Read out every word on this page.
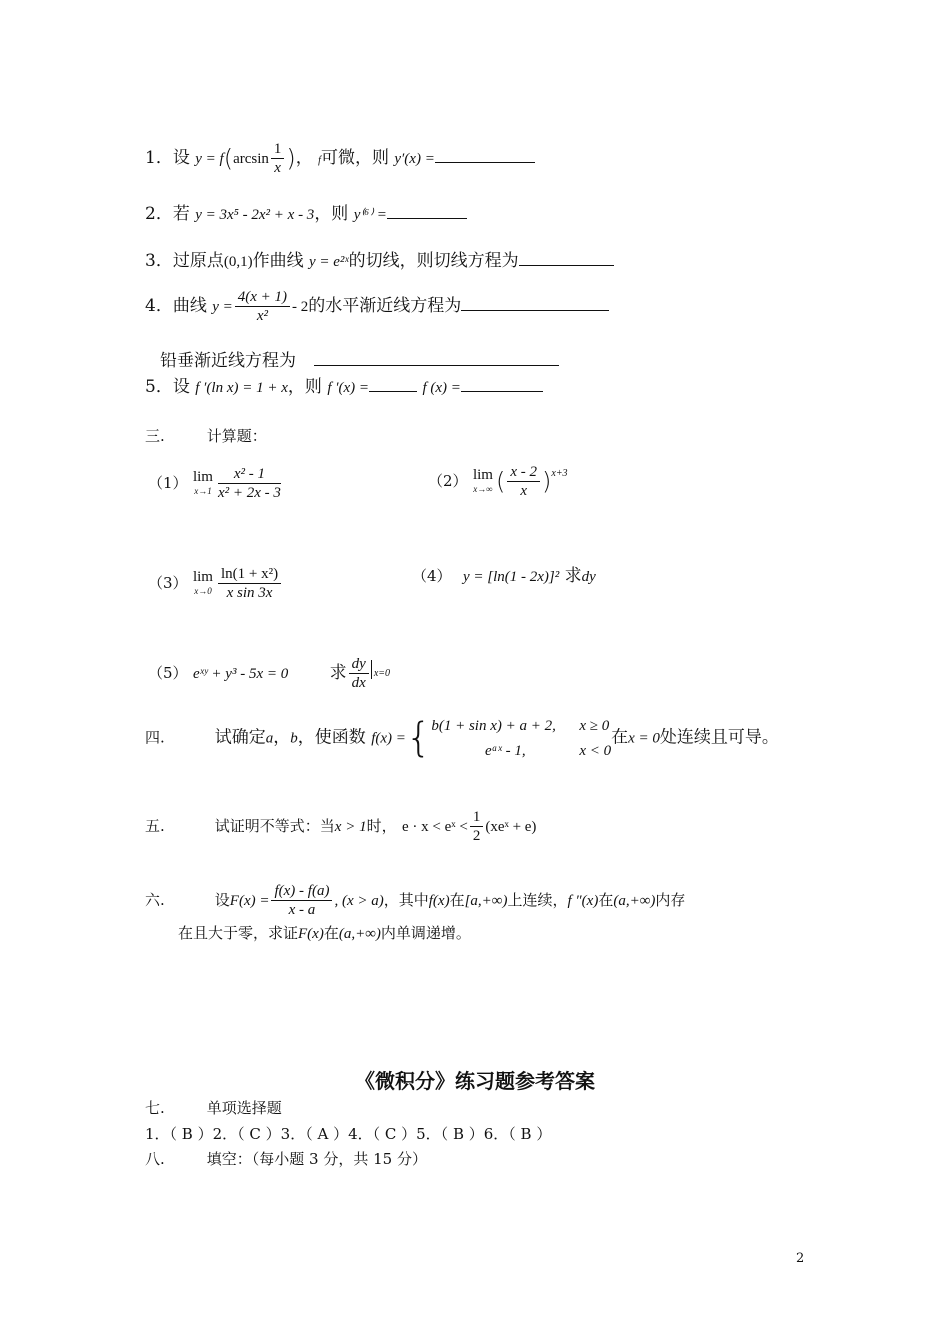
1．设 $y = f(\arcsin \frac{1}{x}$ )， f可微，则 y′(x) =
2．若 y = 3x⁵ - 2x² + x - 3，则 y⁽⁶⁾ =
3．过原点(0,1)作曲线 y = e²ˣ的切线，则切线方程为
4．曲线 $y = \frac{4(x + 1)}{\text{x²}} - 2$的水平渐近线方程为
铅垂渐近线方程为
5．设 f ′(ln x) = 1 + x，则 f ′(x) =	f (x) =
三.	计算题：
（1） lim
$x\to 1 \frac{\text{x² - 1}}{\text{x² + 2x - 3}}$	（2） lim
x→∞ ( $\frac{x - 2}{x} )^{x+3}$
（3） lim
$x\to 0 \frac{\text{ln(1 + x²)}}{\text{x sin 3x}}$	（4） y = [ln(1 - 2x)]² 求dy
（5） eˣʸ + y³ - 5x = 0 求 $\frac{dy}{dx} x=0$
四.	试确定a，b，使函数 f(x) ={ b(1 + sin x) + a + 2, x ≥ 0
eᵃˣ - 1,	x < 0
在x = 0处连续且可导。
五.	试证明不等式：当x > 1时， e · x < eˣ < $\frac{1}{2}$ (xeˣ + e)
六.	设$F(x) = \frac{f(x) - f(a)}{x - a}$ , (x > a)，其中f(x)在[a,+∞)上连续，f ″(x)在(a,+∞)内存
在且大于零，求证F(x)在(a,+∞)内单调递增。
《微积分》练习题参考答案
七.	单项选择题
1．（ B ）2．（ C ）3．（ A ）4．（ C ）5．（ B ）6．（ B ）
八.	填空：（每小题 3 分，共 15 分）
2
